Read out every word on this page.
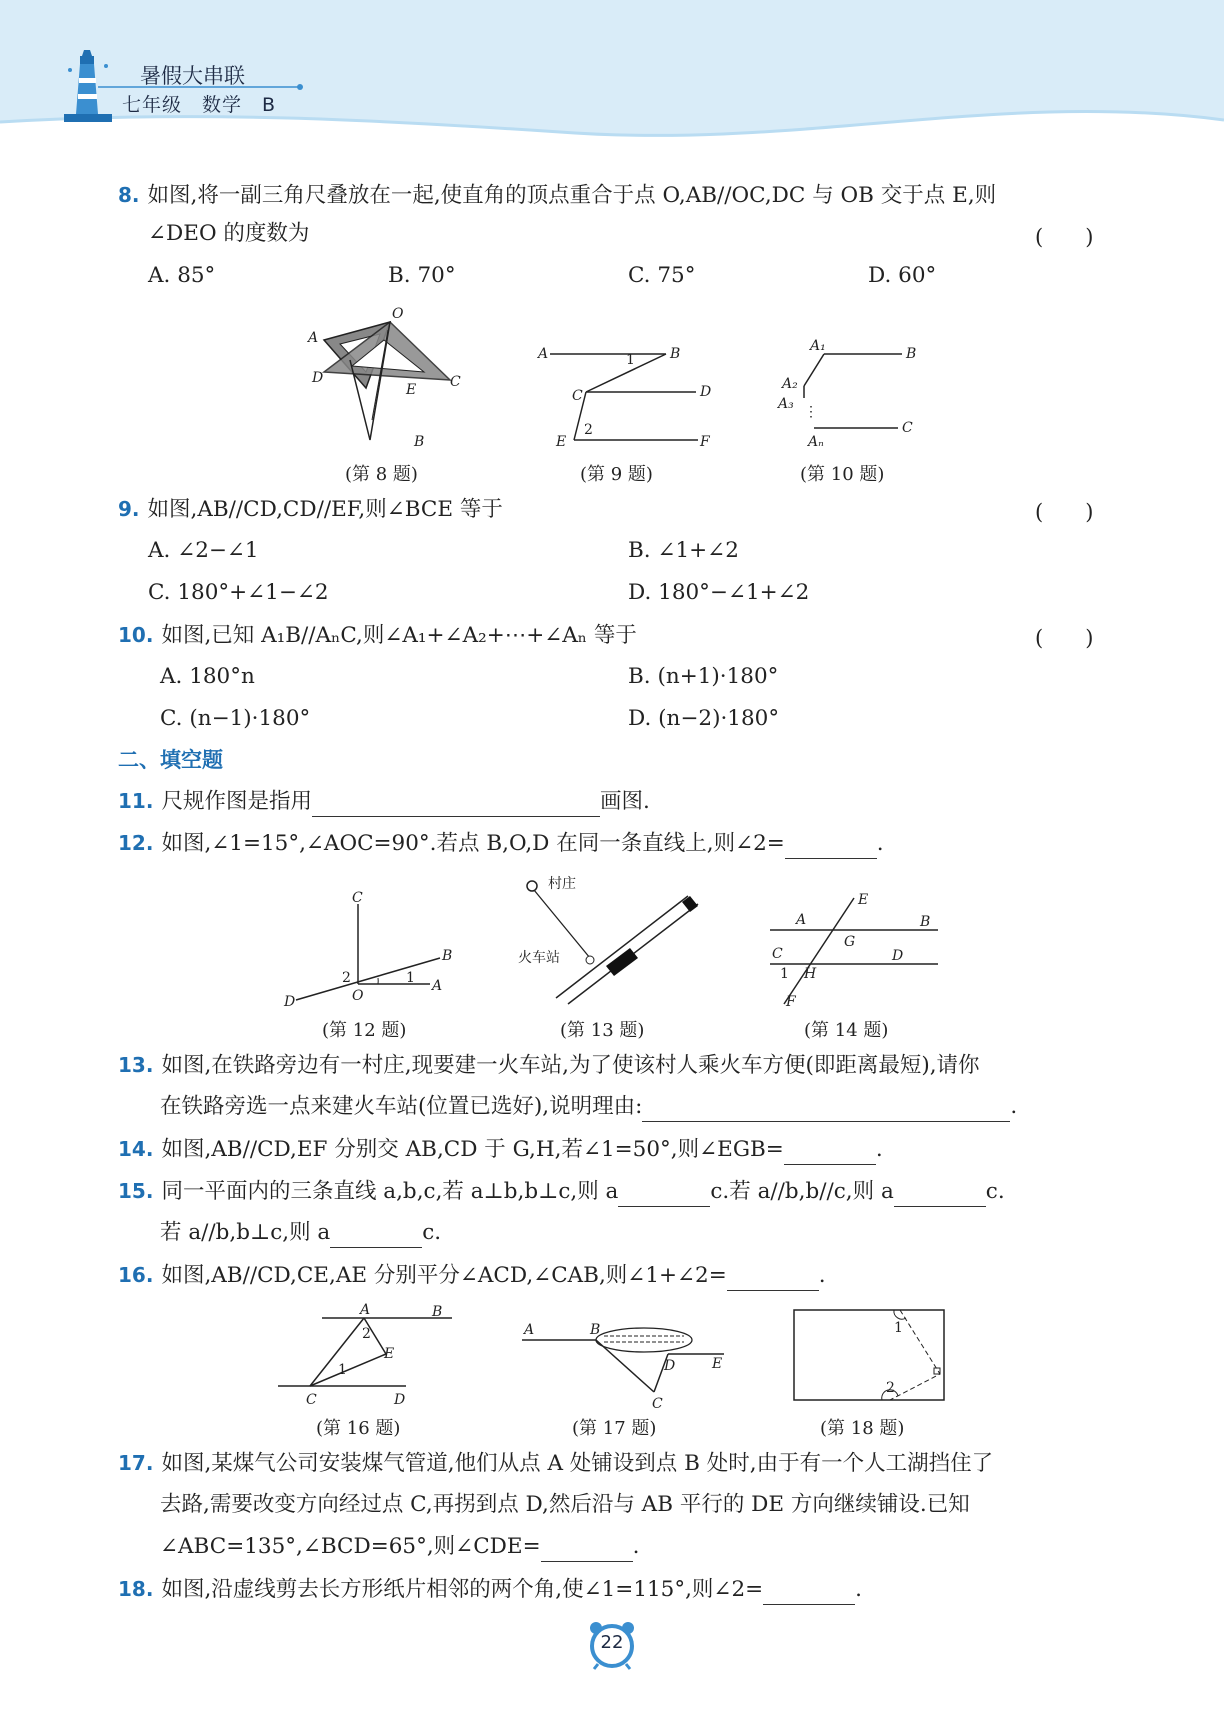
暑假大串联
七年级　数学　B
8. 如图,将一副三角尺叠放在一起,使直角的顶点重合于点 O,AB//OC,DC 与 OB 交于点 E,则
∠DEO 的度数为	(　　)
A. 85°	B. 70°	C. 75°	D. 60°
A
O
D	C
E
B
1
2
A	B
C	D
E	F
⋮
A₁	B
A₂
A₃
Aₙ
C
(第 8 题)	(第 9 题)	(第 10 题)
9. 如图,AB//CD,CD//EF,则∠BCE 等于	(　　)
A. ∠2−∠1	B. ∠1+∠2
C. 180°+∠1−∠2	D. 180°−∠1+∠2
10. 如图,已知 A₁B//AₙC,则∠A₁+∠A₂+⋯+∠Aₙ 等于	(　　)
A. 180°n	B. (n+1)·180°
C. (n−1)·180°	D. (n−2)·180°
二、填空题
11. 尺规作图是指用	画图.
12. 如图,∠1=15°,∠AOC=90°.若点 B,O,D 在同一条直线上,则∠2=	.
C
B
A
O
D
2	1
村庄
火车站
A	B
E
G
C	D
H
1
F
(第 12 题)	(第 13 题)	(第 14 题)
13. 如图,在铁路旁边有一村庄,现要建一火车站,为了使该村人乘火车方便(即距离最短),请你
在铁路旁选一点来建火车站(位置已选好),说明理由:	.
14. 如图,AB//CD,EF 分别交 AB,CD 于 G,H,若∠1=50°,则∠EGB=	.
15. 同一平面内的三条直线 a,b,c,若 a⊥b,b⊥c,则 a	c.若 a//b,b//c,则 a	c.
若 a//b,b⊥c,则 a	c.
16. 如图,AB//CD,CE,AE 分别平分∠ACD,∠CAB,则∠1+∠2=	.
A	B
E
C	D
2
1
A	B
D	E
C
1
2
(第 16 题)	(第 17 题)	(第 18 题)
17. 如图,某煤气公司安装煤气管道,他们从点 A 处铺设到点 B 处时,由于有一个人工湖挡住了
去路,需要改变方向经过点 C,再拐到点 D,然后沿与 AB 平行的 DE 方向继续铺设.已知
∠ABC=135°,∠BCD=65°,则∠CDE=	.
18. 如图,沿虚线剪去长方形纸片相邻的两个角,使∠1=115°,则∠2=	.
22
